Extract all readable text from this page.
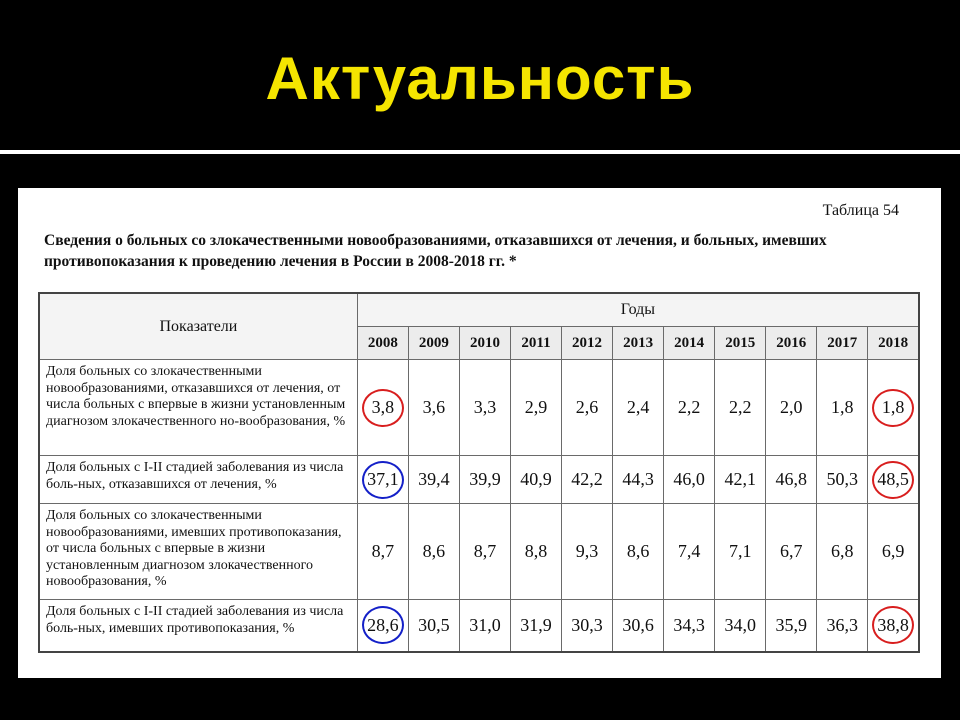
Актуальность
Таблица 54
Сведения о больных со злокачественными новообразованиями, отказавшихся от лечения, и больных, имевших противопоказания к проведению лечения в России в 2008-2018 гг. *
Показатели	Годы										
	2008	2009	2010	2011	2012	2013	2014	2015	2016	2017	2018
Доля больных со злокачественными новообразованиями, отказавшихся от лечения, от числа больных с впервые в жизни установленным диагнозом злокачественного но-вообразования, %	3,8	3,6	3,3	2,9	2,6	2,4	2,2	2,2	2,0	1,8	1,8

Доля больных с I-II стадией заболевания из числа боль-ных, отказавшихся от лечения, %	37,1	39,4	39,9	40,9	42,2	44,3	46,0	42,1	46,8	50,3	48,5

Доля больных со злокачественными новообразованиями, имевших противопоказания, от числа больных с впервые в жизни установленным диагнозом злокачественного новообразования, %	8,7	8,6	8,7	8,8	9,3	8,6	7,4	7,1	6,7	6,8	6,9
Доля больных с I-II стадией заболевания из числа боль-ных, имевших противопоказания, %	28,6	30,5	31,0	31,9	30,3	30,6	34,3	34,0	35,9	36,3	38,8
